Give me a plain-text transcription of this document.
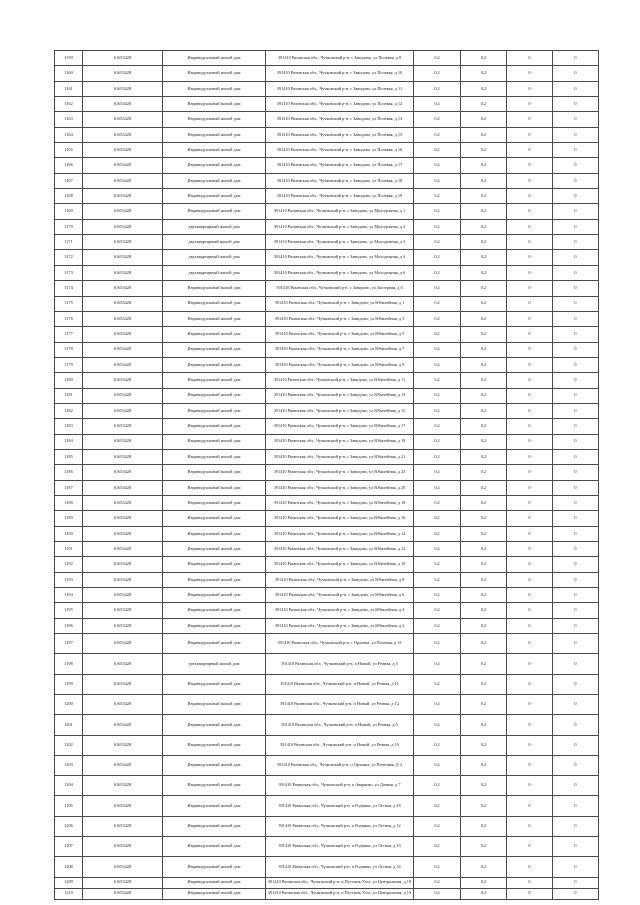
1159	61653428	Индивидуальный жилой дом	391410 Рязанская обл., Чучковский р-н, с Завидово, ул Полевая, д 8	0,2	0,2	0	0
1160	61653428	Индивидуальный жилой дом	391410 Рязанская обл., Чучковский р-н, с Завидово, ул Полевая, д 10	0,2	0,2	0	0
1161	61653428	Индивидуальный жилой дом	391410 Рязанская обл., Чучковский р-н, с Завидово, ул Полевая, д 11	0,2	0,2	0	0
1162	61653428	Индивидуальный жилой дом	391410 Рязанская обл., Чучковский р-н, с Завидово, ул Полевая, д 12	0,2	0,2	0	0
1163	61653428	Индивидуальный жилой дом	391410 Рязанская обл., Чучковский р-н, с Завидово, ул Полевая, д 13	0,2	0,2	0	0
1164	61653428	Индивидуальный жилой дом	391410 Рязанская обл., Чучковский р-н, с Завидово, ул Полевая, д 15	0,2	0,2	0	0
1165	61653428	Индивидуальный жилой дом	391410 Рязанская обл., Чучковский р-н, с Завидово, ул Полевая, д 16	0,2	0,2	0	0
1166	61653428	Индивидуальный жилой дом	391410 Рязанская обл., Чучковский р-н, с Завидово, ул Полевая, д 17	0,2	0,2	0	0
1167	61653428	Индивидуальный жилой дом	391410 Рязанская обл., Чучковский р-н, с Завидово, ул Полевая, д 18	0,2	0,2	0	0
1168	61653428	Индивидуальный жилой дом	391410 Рязанская обл., Чучковский р-н, с Завидово, ул Полевая, д 19	0,2	0,2	0	0
1169	61653428	Индивидуальный жилой дом	391410 Рязанская обл., Чучковский р-н, с Завидово, ул Молодежная, д 1	0,2	0,2	0	0
1170	61653428	двухквартирный жилой дом	391410 Рязанская обл., Чучковский р-н, с Завидово, ул Молодежная, д 2	0,2	0,2	0	0
1171	61653428	двухквартирный жилой дом	391410 Рязанская обл., Чучковский р-н, с Завидово, ул Молодежная, д 3	0,2	0,2	0	0
1172	61653428	двухквартирный жилой дом	391410 Рязанская обл., Чучковский р-н, с Завидово, ул Молодежная, д 4	0,2	0,2	0	0
1173	61653428	двухквартирный жилой дом	391410 Рязанская обл., Чучковский р-н, с Завидово, ул Молодежная, д 6	0,2	0,2	0	0
1174	61653428	Индивидуальный жилой дом	391410 Рязанская обл., Чучковский р-н, с Завидово, ул Заозерная, д 6	0,2	0,2	0	0
1175	61653428	Индивидуальный жилой дом	391410 Рязанская обл., Чучковский р-н, с Завидово, ул Юбилейная, д 1	0,2	0,2	0	0
1176	61653428	Индивидуальный жилой дом	391410 Рязанская обл., Чучковский р-н, с Завидово, ул Юбилейная, д 3	0,2	0,2	0	0
1177	61653428	Индивидуальный жилой дом	391410 Рязанская обл., Чучковский р-н, с Завидово, ул Юбилейная, д 5	0,2	0,2	0	0
1178	61653428	Индивидуальный жилой дом	391410 Рязанская обл., Чучковский р-н, с Завидово, ул Юбилейная, д 7	0,2	0,2	0	0
1179	61653428	Индивидуальный жилой дом	391410 Рязанская обл., Чучковский р-н, с Завидово, ул Юбилейная, д 9	0,2	0,2	0	0
1180	61653428	Индивидуальный жилой дом	391410 Рязанская обл., Чучковский р-н, с Завидово, ул Юбилейная, д 11	0,2	0,2	0	0
1181	61653428	Индивидуальный жилой дом	391410 Рязанская обл., Чучковский р-н, с Завидово, ул Юбилейная, д 13	0,2	0,2	0	0
1182	61653428	Индивидуальный жилой дом	391410 Рязанская обл., Чучковский р-н, с Завидово, ул Юбилейная, д 15	0,2	0,2	0	0
1183	61653428	Индивидуальный жилой дом	391410 Рязанская обл., Чучковский р-н, с Завидово, ул Юбилейная, д 17	0,2	0,2	0	0
1184	61653428	Индивидуальный жилой дом	391410 Рязанская обл., Чучковский р-н, с Завидово, ул Юбилейная, д 19	0,2	0,2	0	0
1185	61653428	Индивидуальный жилой дом	391410 Рязанская обл., Чучковский р-н, с Завидово, ул Юбилейная, д 21	0,2	0,2	0	0
1186	61653428	Индивидуальный жилой дом	391410 Рязанская обл., Чучковский р-н, с Завидово, ул Юбилейная, д 23	0,2	0,2	0	0
1187	61653428	Индивидуальный жилой дом	391410 Рязанская обл., Чучковский р-н, с Завидово, ул Юбилейная, д 20	0,2	0,2	0	0
1188	61653428	Индивидуальный жилой дом	391410 Рязанская обл., Чучковский р-н, с Завидово, ул Юбилейная, д 18	0,2	0,2	0	0
1189	61653428	Индивидуальный жилой дом	391410 Рязанская обл., Чучковский р-н, с Завидово, ул Юбилейная, д 16	0,2	0,2	0	0
1190	61653428	Индивидуальный жилой дом	391410 Рязанская обл., Чучковский р-н, с Завидово, ул Юбилейная, д 14	0,2	0,2	0	0
1191	61653428	Индивидуальный жилой дом	391410 Рязанская обл., Чучковский р-н, с Завидово, ул Юбилейная, д 12	0,2	0,2	0	0
1192	61653428	Индивидуальный жилой дом	391410 Рязанская обл., Чучковский р-н, с Завидово, ул Юбилейная, д 10	0,2	0,2	0	0
1193	61653428	Индивидуальный жилой дом	391410 Рязанская обл., Чучковский р-н, с Завидово, ул Юбилейная, д 8	0,2	0,2	0	0
1194	61653428	Индивидуальный жилой дом	391410 Рязанская обл., Чучковский р-н, с Завидово, ул Юбилейная, д 6	0,2	0,2	0	0
1195	61653428	Индивидуальный жилой дом	391410 Рязанская обл., Чучковский р-н, с Завидово, ул Юбилейная, д 4	0,2	0,2	0	0
1196	61653428	Индивидуальный жилой дом	391410 Рязанская обл., Чучковский р-н, с Завидово, ул Юбилейная, д 2	0,2	0,2	0	0
1197	61653428	Индивидуальный жилой дом	391410 Рязанская обл., Чучковский р-н, с Орловка, ул Полевая, д 13	0,2	0,2	0	0
1198	61653428	трехквартирный жилой дом	391410 Рязанская обл., Чучковский р-н, п Новый, ул Речная, д 3	0,2	0,2	0	0
1199	61653428	Индивидуальный жилой дом	391410 Рязанская обл., Чучковский р-н, п Новый, ул Речная, д 11	0,2	0,2	0	0
1200	61653428	Индивидуальный жилой дом	391410 Рязанская обл., Чучковский р-н, п Новый, ул Речная, д 12	0,2	0,2	0	0
1201	61653428	Индивидуальный жилой дом	391410 Рязанская обл., Чучковский р-н, п Новый, ул Речная, д 5	0,2	0,2	0	0
1202	61653428	Индивидуальный жилой дом	391410 Рязанская обл., Чучковский р-н, п Новый, ул Речная, д 10	0,2	0,2	0	0
1203	61653428	Индивидуальный жилой дом	391410 Рязанская обл., Чучковский р-н, п Орловка, ул Почтовая, Д 2	0,2	0,2	0	0
1204	61653428	Индивидуальный жилой дом	391410 Рязанская обл., Чучковский р-н, п Аварково, ул Дачная, д 7	0,2	0,2	0	0
1205	61653428	Индивидуальный жилой дом	391410 Рязанская обл., Чучковский р-н, п Родники, ул Лесная, д 18	0,2	0,2	0	0
1206	61653428	Индивидуальный жилой дом	391410 Рязанская обл., Чучковский р-н, п Родники, ул Лесная, д 12	0,2	0,2	0	0
1207	61653428	Индивидуальный жилой дом	391410 Рязанская обл., Чучковский р-н, п Родники, ул Лесная, д 13	0,2	0,2	0	0
1208	61653428	Индивидуальный жилой дом	391410 Рязанская обл., Чучковский р-н, п Родники, ул Лесная, д 34	0,2	0,2	0	0
1209	61653428	Индивидуальный жилой дом	391410 Рязанская обл., Чучковский р-н, п Пустынь Угол, ул Центральная, д 18	0,2	0,2	0	0
1210	61653428	Индивидуальный жилой дом	391410 Рязанская обл., Чучковский р-н, п Пустынь Угол, ул Центральная, д 19	0,2	0,2	0	0
